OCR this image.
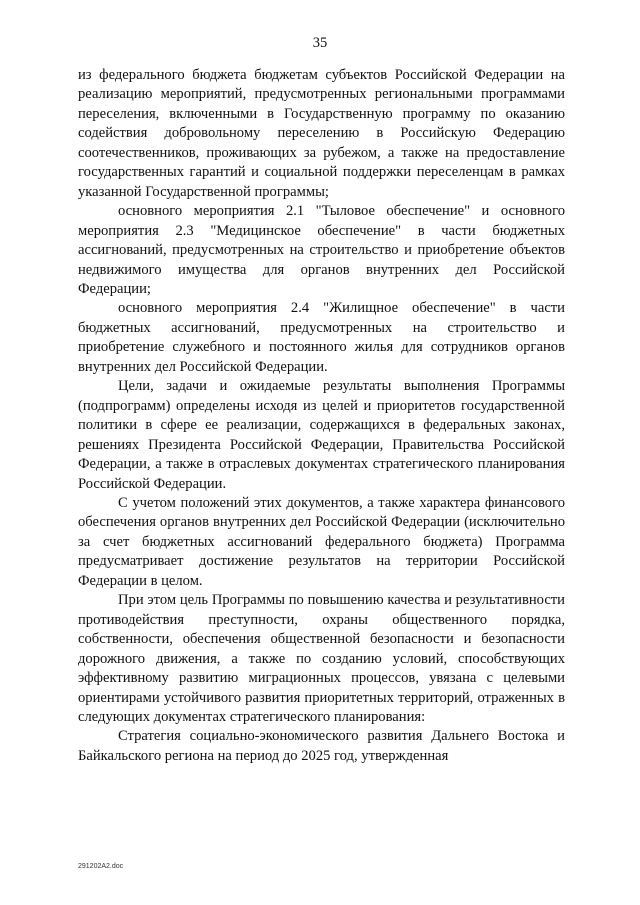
35

из федерального бюджета бюджетам субъектов Российской Федерации на реализацию мероприятий, предусмотренных региональными программами переселения, включенными в Государственную программу по оказанию содействия добровольному переселению в Российскую Федерацию соотечественников, проживающих за рубежом, а также на предоставление государственных гарантий и социальной поддержки переселенцам в рамках указанной Государственной программы;

основного мероприятия 2.1 "Тыловое обеспечение" и основного мероприятия 2.3 "Медицинское обеспечение" в части бюджетных ассигнований, предусмотренных на строительство и приобретение объектов недвижимого имущества для органов внутренних дел Российской Федерации;

основного мероприятия 2.4 "Жилищное обеспечение" в части бюджетных ассигнований, предусмотренных на строительство и приобретение служебного и постоянного жилья для сотрудников органов внутренних дел Российской Федерации.

Цели, задачи и ожидаемые результаты выполнения Программы (подпрограмм) определены исходя из целей и приоритетов государственной политики в сфере ее реализации, содержащихся в федеральных законах, решениях Президента Российской Федерации, Правительства Российской Федерации, а также в отраслевых документах стратегического планирования Российской Федерации.

С учетом положений этих документов, а также характера финансового обеспечения органов внутренних дел Российской Федерации (исключительно за счет бюджетных ассигнований федерального бюджета) Программа предусматривает достижение результатов на территории Российской Федерации в целом.

При этом цель Программы по повышению качества и результативности противодействия преступности, охраны общественного порядка, собственности, обеспечения общественной безопасности и безопасности дорожного движения, а также по созданию условий, способствующих эффективному развитию миграционных процессов, увязана с целевыми ориентирами устойчивого развития приоритетных территорий, отраженных в следующих документах стратегического планирования:

Стратегия социально-экономического развития Дальнего Востока и Байкальского региона на период до 2025 год, утвержденная

291202A2.doc
